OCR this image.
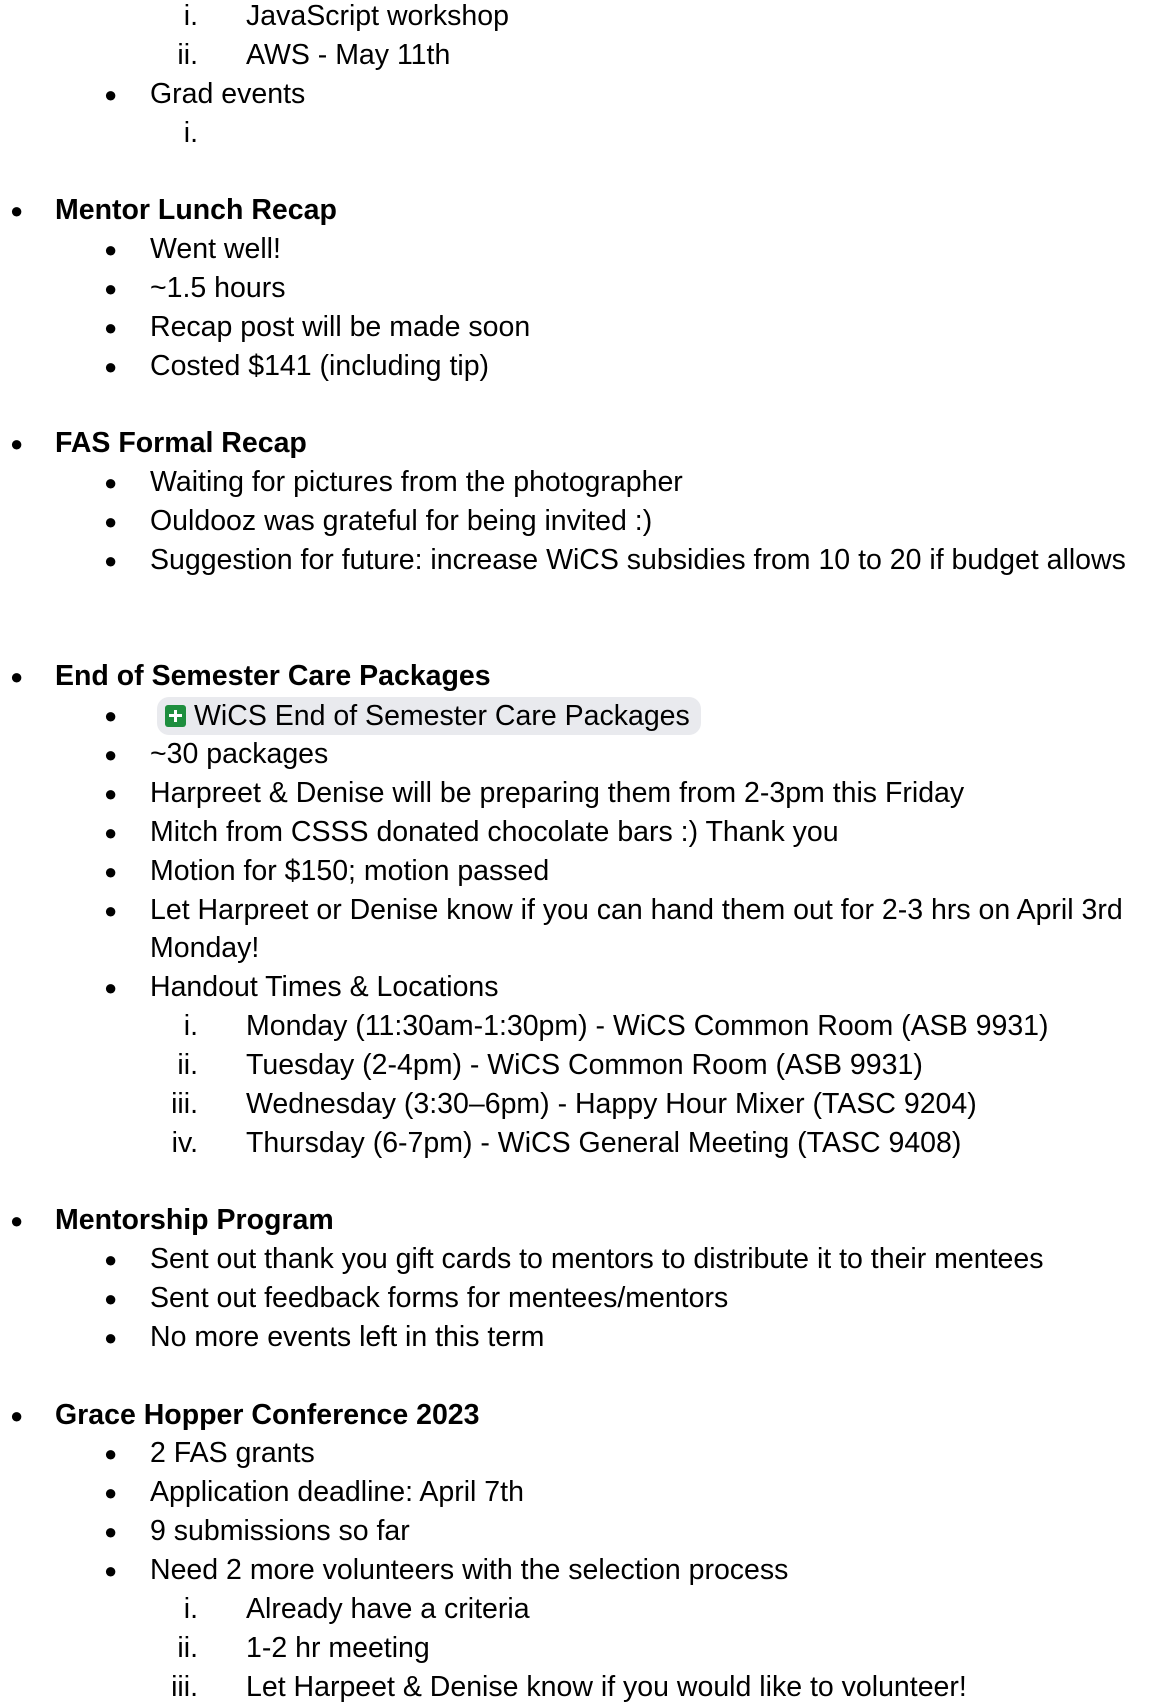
i. JavaScript workshop
ii. AWS - May 11th
● Grad events
i.
● Mentor Lunch Recap
● Went well!
● ~1.5 hours
● Recap post will be made soon
● Costed $141 (including tip)
● FAS Formal Recap
● Waiting for pictures from the photographer
● Ouldooz was grateful for being invited :)
● Suggestion for future: increase WiCS subsidies from 10 to 20 if budget allows
● End of Semester Care Packages
●	WiCS End of Semester Care Packages
● ~30 packages
● Harpreet & Denise will be preparing them from 2-3pm this Friday
● Mitch from CSSS donated chocolate bars :) Thank you
● Motion for $150; motion passed
● Let Harpreet or Denise know if you can hand them out for 2-3 hrs on April 3rd
Monday!
● Handout Times & Locations
i. Monday (11:30am-1:30pm) - WiCS Common Room (ASB 9931)
ii. Tuesday (2-4pm) - WiCS Common Room (ASB 9931)
iii. Wednesday (3:30–6pm) - Happy Hour Mixer (TASC 9204)
iv. Thursday (6-7pm) - WiCS General Meeting (TASC 9408)
● Mentorship Program
● Sent out thank you gift cards to mentors to distribute it to their mentees
● Sent out feedback forms for mentees/mentors
● No more events left in this term
● Grace Hopper Conference 2023
● 2 FAS grants
● Application deadline: April 7th
● 9 submissions so far
● Need 2 more volunteers with the selection process
i. Already have a criteria
ii. 1-2 hr meeting
iii. Let Harpeet & Denise know if you would like to volunteer!
